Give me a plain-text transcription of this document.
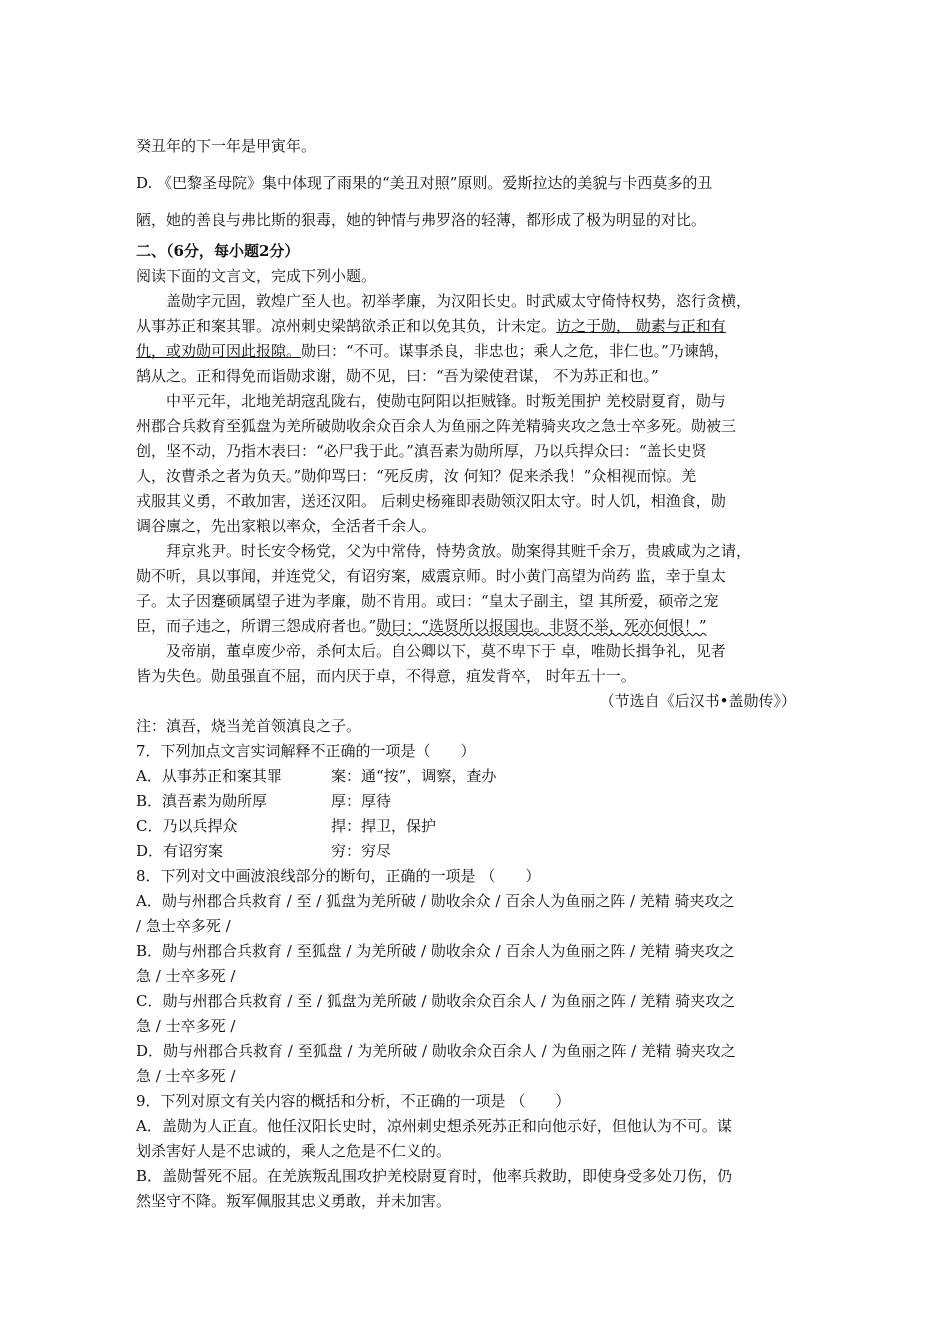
癸丑年的下一年是甲寅年。
D. 《巴黎圣母院》集中体现了雨果的“美丑对照”原则。爱斯拉达的美貌与卡西莫多的丑
陋，她的善良与弗比斯的狠毒，她的钟情与弗罗洛的轻薄，都形成了极为明显的对比。
二、（6分，每小题2分）
阅读下面的文言文，完成下列小题。
盖勋字元固，敦煌广至人也。初举孝廉，为汉阳长史。时武威太守倚恃权势，恣行贪横，
从事苏正和案其罪。凉州刺史梁鹄欲杀正和以免其负，计未定。访之于勋， 勋素与正和有
仇，或劝勋可因此报隙。勋曰：“不可。谋事杀良，非忠也；乘人之危，非仁也。”乃谏鹄，
鹄从之。正和得免而诣勋求谢，勋不见，曰：“吾为梁使君谋， 不为苏正和也。”
中平元年，北地羌胡寇乱陇右，使勋屯阿阳以拒贼锋。时叛羌围护 羌校尉夏育，勋与
州郡合兵救育至狐盘为羌所破勋收余众百余人为鱼丽之阵羌精骑夹攻之急士卒多死。勋被三
创，坚不动，乃指木表曰：“必尸我于此。”滇吾素为勋所厚，乃以兵捍众曰：“盖长史贤
人，汝曹杀之者为负天。”勋仰骂曰：“死反虏，汝 何知？促来杀我！”众相视而惊。羌
戎服其义勇，不敢加害，送还汉阳。 后刺史杨雍即表勋领汉阳太守。时人饥，相渔食，勋
调谷廪之，先出家粮以率众，全活者千余人。
拜京兆尹。时长安令杨党，父为中常侍，恃势贪放。勋案得其赃千余万，贵戚咸为之请，
勋不听，具以事闻，并连党父，有诏穷案，威震京师。时小黄门高望为尚药 监，幸于皇太
子。太子因蹇硕属望子进为孝廉，勋不肯用。或曰：“皇太子副主，望 其所爱，硕帝之宠
臣，而子违之，所谓三怨成府者也。”勋曰：“选贤所以报国也。非贤不举，死亦何恨！”
及帝崩，董卓废少帝，杀何太后。自公卿以下，莫不卑下于 卓，唯勋长揖争礼，见者
皆为失色。勋虽强直不屈，而内厌于卓，不得意，疽发背卒， 时年五十一。
（节选自《后汉书•盖勋传》）
注：滇吾，烧当羌首领滇良之子。
7．下列加点文言实词解释不正确的一项是（　　）
A．从事苏正和案其罪	案：通“按”，调察，查办
B．滇吾素为勋所厚	厚：厚待
C．乃以兵捍众	捍：捍卫，保护
D．有诏穷案	穷：穷尽
8．下列对文中画波浪线部分的断句，正确的一项是 （　　）
A．勋与州郡合兵救育 / 至 / 狐盘为羌所破 / 勋收余众 / 百余人为鱼丽之阵 / 羌精 骑夹攻之
/ 急士卒多死 /
B．勋与州郡合兵救育 / 至狐盘 / 为羌所破 / 勋收余众 / 百余人为鱼丽之阵 / 羌精 骑夹攻之
急 / 士卒多死 /
C．勋与州郡合兵救育 / 至 / 狐盘为羌所破 / 勋收余众百余人 / 为鱼丽之阵 / 羌精 骑夹攻之
急 / 士卒多死 /
D．勋与州郡合兵救育 / 至狐盘 / 为羌所破 / 勋收余众百余人 / 为鱼丽之阵 / 羌精 骑夹攻之
急 / 士卒多死 /
9．下列对原文有关内容的概括和分析，不正确的一项是 （　　）
A．盖勋为人正直。他任汉阳长史时，凉州刺史想杀死苏正和向他示好，但他认为不可。谋
划杀害好人是不忠诚的，乘人之危是不仁义的。
B．盖勋誓死不屈。在羌族叛乱围攻护羌校尉夏育时，他率兵救助，即使身受多处刀伤，仍
然坚守不降。叛军佩服其忠义勇敢，并未加害。
